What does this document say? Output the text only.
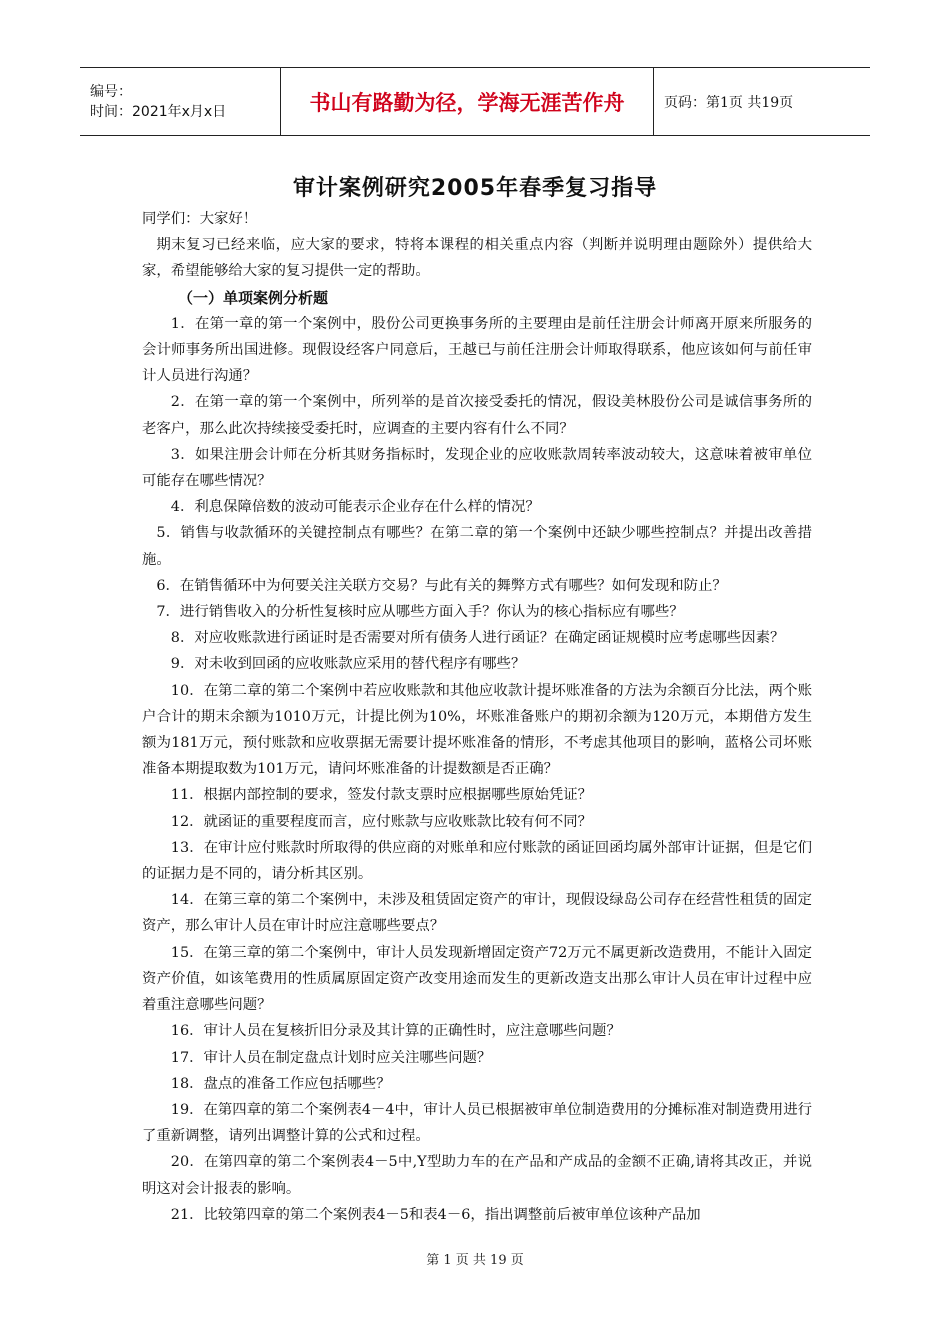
编号：
时间：2021年x月x日	书山有路勤为径，学海无涯苦作舟	页码：第1页 共19页
审计案例研究2005年春季复习指导

同学们：大家好！

期末复习已经来临，应大家的要求，特将本课程的相关重点内容（判断并说明理由题除外）提供给大家，希望能够给大家的复习提供一定的帮助。

（一）单项案例分析题

1．在第一章的第一个案例中，股份公司更换事务所的主要理由是前任注册会计师离开原来所服务的会计师事务所出国进修。现假设经客户同意后，王越已与前任注册会计师取得联系，他应该如何与前任审计人员进行沟通？

2．在第一章的第一个案例中，所列举的是首次接受委托的情况，假设美林股份公司是诚信事务所的老客户，那么此次持续接受委托时，应调查的主要内容有什么不同？

3．如果注册会计师在分析其财务指标时，发现企业的应收账款周转率波动较大，这意味着被审单位可能存在哪些情况？

4．利息保障倍数的波动可能表示企业存在什么样的情况？

5．销售与收款循环的关键控制点有哪些？在第二章的第一个案例中还缺少哪些控制点？并提出改善措施。

6．在销售循环中为何要关注关联方交易？与此有关的舞弊方式有哪些？如何发现和防止？

7．进行销售收入的分析性复核时应从哪些方面入手？你认为的核心指标应有哪些？

8．对应收账款进行函证时是否需要对所有债务人进行函证？在确定函证规模时应考虑哪些因素？

9．对未收到回函的应收账款应采用的替代程序有哪些？

10．在第二章的第二个案例中若应收账款和其他应收款计提坏账准备的方法为余额百分比法，两个账户合计的期末余额为1010万元，计提比例为10%，坏账准备账户的期初余额为120万元，本期借方发生额为181万元，预付账款和应收票据无需要计提坏账准备的情形，不考虑其他项目的影响，蓝格公司坏账准备本期提取数为101万元，请问坏账准备的计提数额是否正确？

11．根据内部控制的要求，签发付款支票时应根据哪些原始凭证？

12．就函证的重要程度而言，应付账款与应收账款比较有何不同？

13．在审计应付账款时所取得的供应商的对账单和应付账款的函证回函均属外部审计证据，但是它们的证据力是不同的，请分析其区别。

14．在第三章的第二个案例中，未涉及租赁固定资产的审计，现假设绿岛公司存在经营性租赁的固定资产，那么审计人员在审计时应注意哪些要点？

15．在第三章的第二个案例中，审计人员发现新增固定资产72万元不属更新改造费用，不能计入固定资产价值，如该笔费用的性质属原固定资产改变用途而发生的更新改造支出那么审计人员在审计过程中应着重注意哪些问题？

16．审计人员在复核折旧分录及其计算的正确性时，应注意哪些问题？

17．审计人员在制定盘点计划时应关注哪些问题？

18．盘点的准备工作应包括哪些？

19．在第四章的第二个案例表4－4中，审计人员已根据被审单位制造费用的分摊标准对制造费用进行了重新调整，请列出调整计算的公式和过程。

20．在第四章的第二个案例表4－5中,Y型助力车的在产品和产成品的金额不正确,请将其改正，并说明这对会计报表的影响。

21．比较第四章的第二个案例表4－5和表4－6，指出调整前后被审单位该种产品加

第 1 页 共 19 页
